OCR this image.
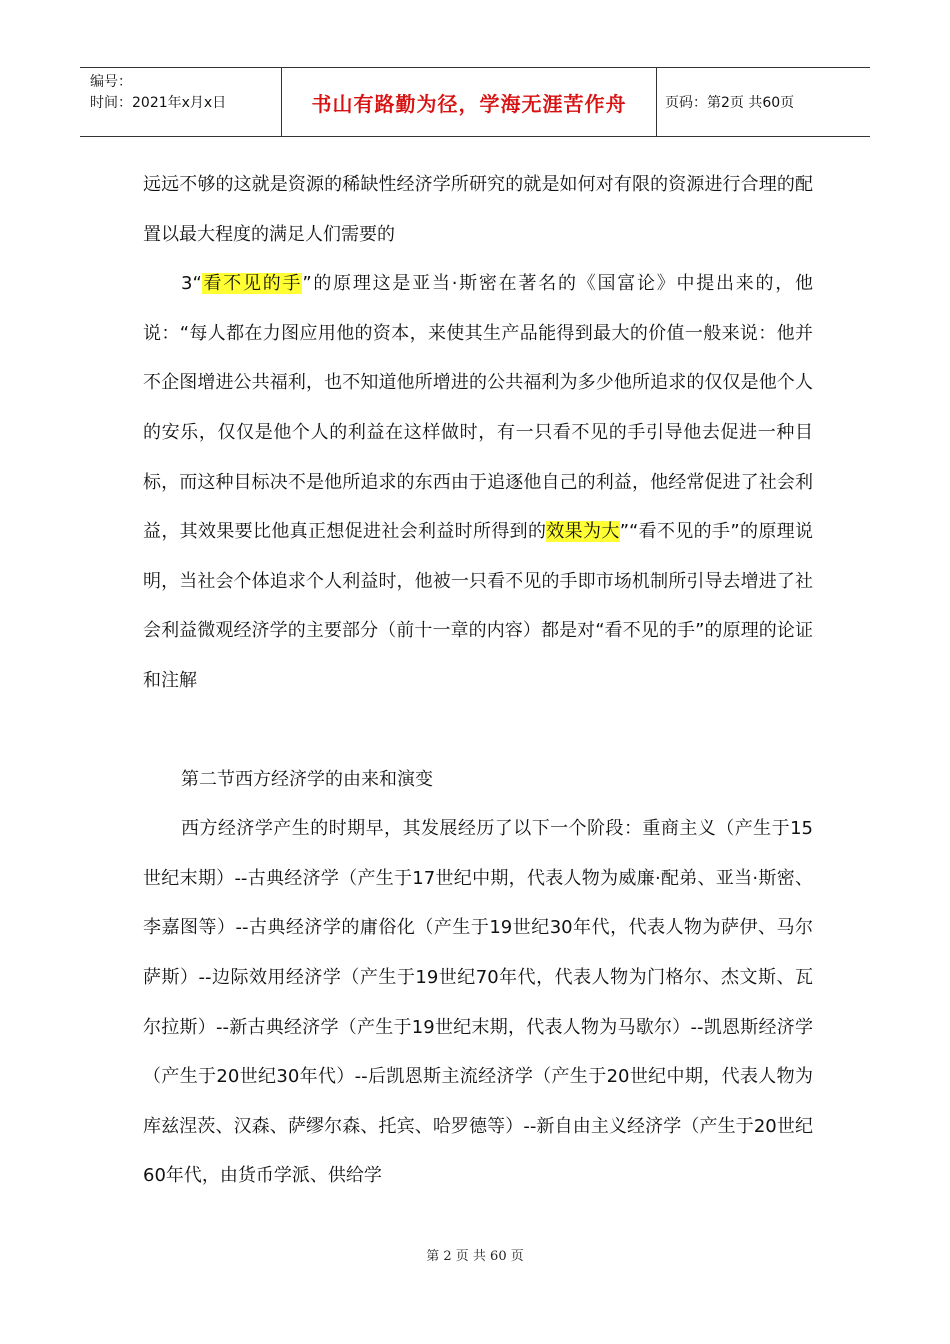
编号：
时间：2021年x月x日	书山有路勤为径，学海无涯苦作舟	页码：第2页 共60页

远远不够的这就是资源的稀缺性经济学所研究的就是如何对有限的资源进行合理的配置以最大程度的满足人们需要的

3“看不见的手”的原理这是亚当·斯密在著名的《国富论》中提出来的，他说：“每人都在力图应用他的资本，来使其生产品能得到最大的价值一般来说：他并不企图增进公共福利，也不知道他所增进的公共福利为多少他所追求的仅仅是他个人的安乐，仅仅是他个人的利益在这样做时，有一只看不见的手引导他去促进一种目标，而这种目标决不是他所追求的东西由于追逐他自己的利益，他经常促进了社会利益，其效果要比他真正想促进社会利益时所得到的效果为大”“看不见的手”的原理说明，当社会个体追求个人利益时，他被一只看不见的手即市场机制所引导去增进了社会利益微观经济学的主要部分（前十一章的内容）都是对“看不见的手”的原理的论证和注解

第二节西方经济学的由来和演变

西方经济学产生的时期早，其发展经历了以下一个阶段：重商主义（产生于15世纪末期）--古典经济学（产生于17世纪中期，代表人物为威廉·配弟、亚当·斯密、李嘉图等）--古典经济学的庸俗化（产生于19世纪30年代，代表人物为萨伊、马尔萨斯）--边际效用经济学（产生于19世纪70年代，代表人物为门格尔、杰文斯、瓦尔拉斯）--新古典经济学（产生于19世纪末期，代表人物为马歇尔）--凯恩斯经济学（产生于20世纪30年代）--后凯恩斯主流经济学（产生于20世纪中期，代表人物为库兹涅茨、汉森、萨缪尔森、托宾、哈罗德等）--新自由主义经济学（产生于20世纪60年代，由货币学派、供给学

第 2 页 共 60 页
